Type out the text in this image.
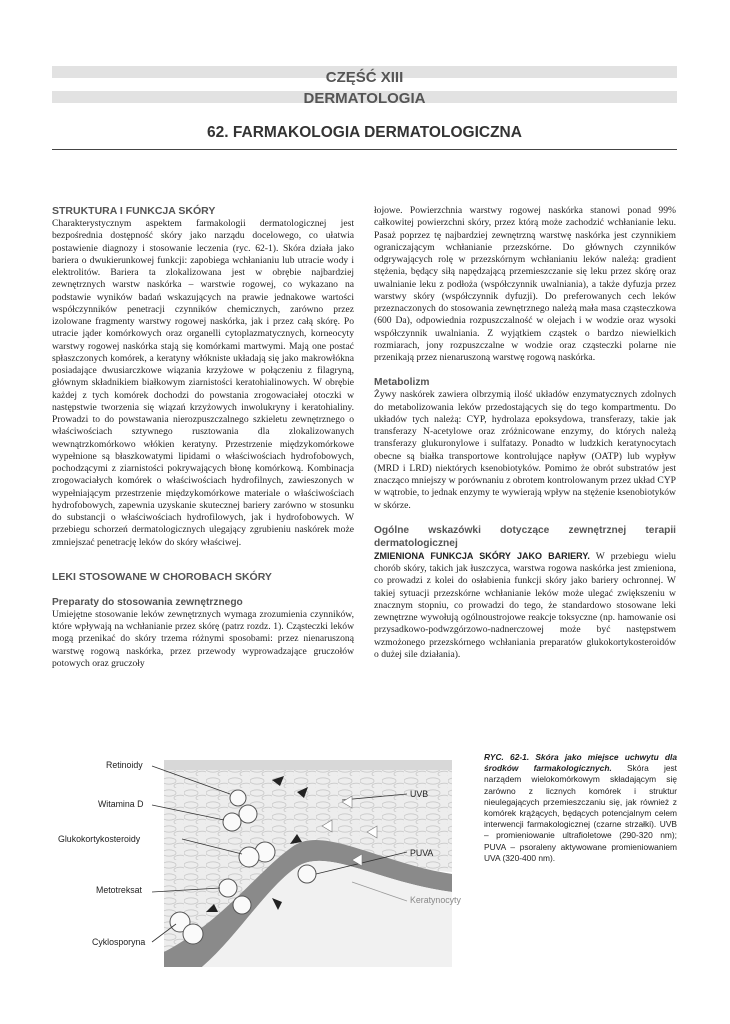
CZĘŚĆ XIII
DERMATOLOGIA
62. FARMAKOLOGIA DERMATOLOGICZNA
STRUKTURA I FUNKCJA SKÓRY

Charakterystycznym aspektem farmakologii dermatologicznej jest bezpośrednia dostępność skóry jako narządu docelowego, co ułatwia postawienie diagnozy i stosowanie leczenia (ryc. 62-1). Skóra działa jako bariera o dwukierunkowej funkcji: zapobiega wchłanianiu lub utracie wody i elektrolitów. Bariera ta zlokalizowana jest w obrębie najbardziej zewnętrznych warstw naskórka – warstwie rogowej, co wykazano na podstawie wyników badań wskazujących na prawie jednakowe wartości współczynników penetracji czynników chemicznych, zarówno przez izolowane fragmenty warstwy rogowej naskórka, jak i przez całą skórę. Po utracie jąder komórkowych oraz organelli cytoplazmatycznych, korneocyty warstwy rogowej naskórka stają się komórkami martwymi. Mają one postać spłaszczonych komórek, a keratyny włókniste układają się jako makrowłókna posiadające dwusiarczkowe wiązania krzyżowe w połączeniu z filagryną, głównym składnikiem białkowym ziarnistości keratohialinowych. W obrębie każdej z tych komórek dochodzi do powstania zrogowaciałej otoczki w następstwie tworzenia się wiązań krzyżowych inwolukryny i keratohialiny. Prowadzi to do powstawania nierozpuszczalnego szkieletu zewnętrznego o właściwościach sztywnego rusztowania dla zlokalizowanych wewnątrzkomórkowo włókien keratyny. Przestrzenie międzykomórkowe wypełnione są błaszkowatymi lipidami o właściwościach hydrofobowych, pochodzącymi z ziarnistości pokrywających błonę komórkową. Kombinacja zrogowaciałych komórek o właściwościach hydrofilnych, zawieszonych w wypełniającym przestrzenie międzykomórkowe materiale o właściwościach hydrofobowych, zapewnia uzyskanie skutecznej bariery zarówno w stosunku do substancji o właściwościach hydrofilowych, jak i hydrofobowych. W przebiegu schorzeń dermatologicznych ulegający zgrubieniu naskórek może zmniejszać penetrację leków do skóry właściwej.

LEKI STOSOWANE W CHOROBACH SKÓRY
Preparaty do stosowania zewnętrznego

Umiejętne stosowanie leków zewnętrznych wymaga zrozumienia czynników, które wpływają na wchłanianie przez skórę (patrz rozdz. 1). Cząsteczki leków mogą przenikać do skóry trzema różnymi sposobami: przez nienaruszoną warstwę rogową naskórka, przez przewody wyprowadzające gruczołów potowych oraz gruczoły

łojowe. Powierzchnia warstwy rogowej naskórka stanowi ponad 99% całkowitej powierzchni skóry, przez którą może zachodzić wchłanianie leku. Pasaż poprzez tę najbardziej zewnętrzną warstwę naskórka jest czynnikiem ograniczającym wchłanianie przezskórne. Do głównych czynników odgrywających rolę w przezskórnym wchłanianiu leków należą: gradient stężenia, będący siłą napędzającą przemieszczanie się leku przez skórę oraz uwalnianie leku z podłoża (współczynnik uwalniania), a także dyfuzja przez warstwy skóry (współczynnik dyfuzji). Do preferowanych cech leków przeznaczonych do stosowania zewnętrznego należą mała masa cząsteczkowa (600 Da), odpowiednia rozpuszczalność w olejach i w wodzie oraz wysoki współczynnik uwalniania. Z wyjątkiem cząstek o bardzo niewielkich rozmiarach, jony rozpuszczalne w wodzie oraz cząsteczki polarne nie przenikają przez nienaruszoną warstwę rogową naskórka.

Metabolizm

Żywy naskórek zawiera olbrzymią ilość układów enzymatycznych zdolnych do metabolizowania leków przedostających się do tego kompartmentu. Do układów tych należą: CYP, hydrolaza epoksydowa, transferazy, takie jak transferazy N-acetylowe oraz zróżnicowane enzymy, do których należą transferazy glukuronylowe i sulfatazy. Ponadto w ludzkich keratynocytach obecne są białka transportowe kontrolujące napływ (OATP) lub wypływ (MRD i LRD) niektórych ksenobiotyków. Pomimo że obrót substratów jest znacząco mniejszy w porównaniu z obrotem kontrolowanym przez układ CYP w wątrobie, to jednak enzymy te wywierają wpływ na stężenie ksenobiotyków w skórze.

Ogólne wskazówki dotyczące zewnętrznej terapii dermatologicznej

ZMIENIONA FUNKCJA SKÓRY JAKO BARIERY. W przebiegu wielu chorób skóry, takich jak łuszczyca, warstwa rogowa naskórka jest zmieniona, co prowadzi z kolei do osłabienia funkcji skóry jako bariery ochronnej. W takiej sytuacji przezskórne wchłanianie leków może ulegać zwiększeniu w znacznym stopniu, co prowadzi do tego, że standardowo stosowane leki zewnętrzne wywołują ogólnoustrojowe reakcje toksyczne (np. hamowanie osi przysadkowo-podwzgórzowo-nadnerczowej może być następstwem wzmożonego przezskórnego wchłaniania preparatów glukokortykosteroidów o dużej sile działania).

Retinoidy
Witamina D
Glukokortykosteroidy
Metotreksat
Cyklosporyna
UVB
PUVA
Keratynocyty
RYC. 62-1. Skóra jako miejsce uchwytu dla środków farmakologicznych. Skóra jest narządem wielokomórkowym składającym się zarówno z licznych komórek i struktur nieulegających przemieszczaniu się, jak również z komórek krążących, będących potencjalnym celem interwencji farmakologicznej (czarne strzałki). UVB – promieniowanie ultrafioletowe (290-320 nm); PUVA – psoraleny aktywowane promieniowaniem UVA (320-400 nm).
